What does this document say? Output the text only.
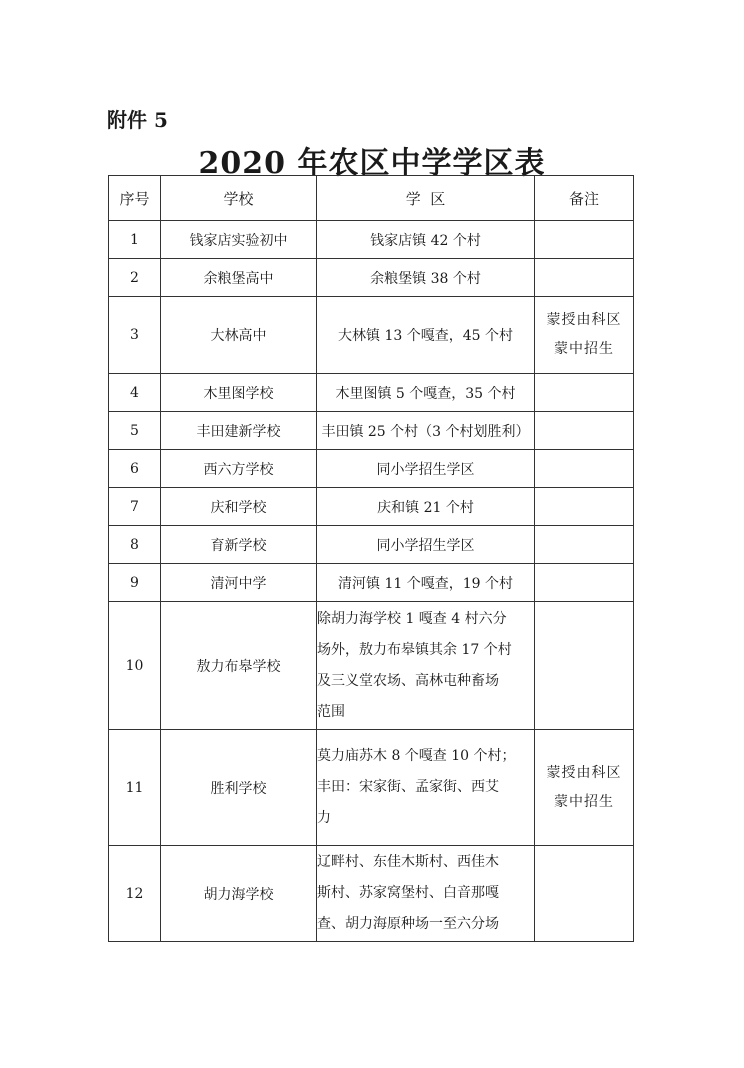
附件 5
2020 年农区中学学区表
序号	学校	学  区	备注
1	钱家店实验初中	钱家店镇 42 个村	

2	余粮堡高中	余粮堡镇 38 个村	

3	大林高中	大林镇 13 个嘎查，45 个村	蒙授由科区蒙中招生

4	木里图学校	木里图镇 5 个嘎查，35 个村	

5	丰田建新学校	丰田镇 25 个村（3 个村划胜利）	

6	西六方学校	同小学招生学区	

7	庆和学校	庆和镇 21 个村	

8	育新学校	同小学招生学区	

9	清河中学	清河镇 11 个嘎查，19 个村	

10	敖力布皋学校	除胡力海学校 1 嘎查 4 村六分
场外，敖力布皋镇其余 17 个村
及三义堂农场、高林屯种畜场
范围	

11	胜利学校	莫力庙苏木 8 个嘎查 10 个村；
丰田：宋家街、孟家街、西艾
力	蒙授由科区蒙中招生

12	胡力海学校	辽畔村、东佳木斯村、西佳木
斯村、苏家窝堡村、白音那嘎
查、胡力海原种场一至六分场	
